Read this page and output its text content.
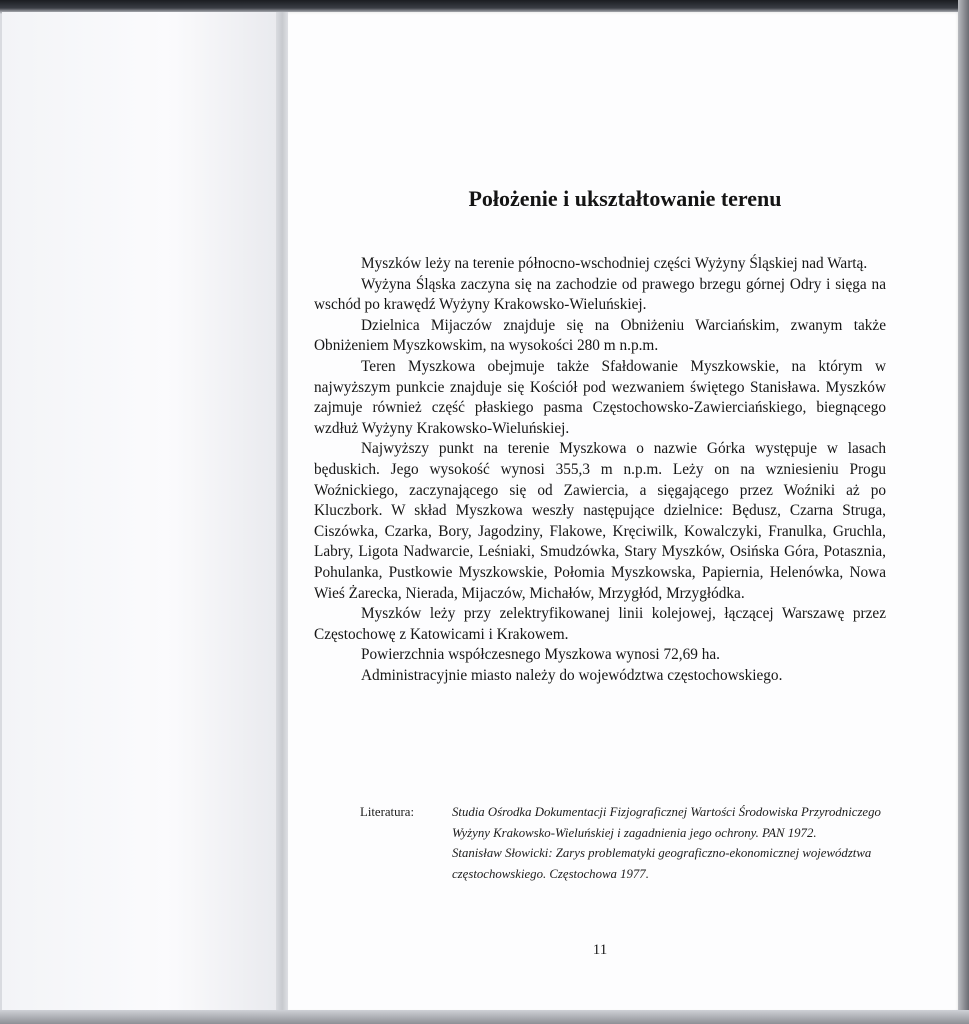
Położenie i ukształtowanie terenu

Myszków leży na terenie północno-wschodniej części Wyżyny Śląskiej nad Wartą.

Wyżyna Śląska zaczyna się na zachodzie od prawego brzegu górnej Odry i sięga na wschód po krawędź Wyżyny Krakowsko-Wieluńskiej.

Dzielnica Mijaczów znajduje się na Obniżeniu Warciańskim, zwanym także Obniżeniem Myszkowskim, na wysokości 280 m n.p.m.

Teren Myszkowa obejmuje także Sfałdowanie Myszkowskie, na którym w najwyższym punkcie znajduje się Kościół pod wezwaniem świętego Stanisława. Myszków zajmuje również część płaskiego pasma Częstochowsko-Zawierciańskiego, biegnącego wzdłuż Wyżyny Krakowsko-Wieluńskiej.

Najwyższy punkt na terenie Myszkowa o nazwie Górka występuje w lasach będuskich. Jego wysokość wynosi 355,3 m n.p.m. Leży on na wzniesieniu Progu Woźnickiego, zaczynającego się od Zawiercia, a sięgającego przez Woźniki aż po Kluczbork. W skład Myszkowa weszły następujące dzielnice: Będusz, Czarna Struga, Ciszówka, Czarka, Bory, Jagodziny, Flakowe, Kręciwilk, Kowalczyki, Franulka, Gruchla, Labry, Ligota Nadwarcie, Leśniaki, Smudzówka, Stary Myszków, Osińska Góra, Potasznia, Pohulanka, Pustkowie Myszkowskie, Połomia Myszkowska, Papiernia, Helenówka, Nowa Wieś Żarecka, Nierada, Mijaczów, Michałów, Mrzygłód, Mrzygłódka.

Myszków leży przy zelektryfikowanej linii kolejowej, łączącej Warszawę przez Częstochowę z Katowicami i Krakowem.

Powierzchnia współczesnego Myszkowa wynosi 72,69 ha.

Administracyjnie miasto należy do województwa częstochowskiego.

Literatura:	Studia Ośrodka Dokumentacji Fizjograficznej Wartości Środowiska Przyrodniczego Wyżyny Krakowsko-Wieluńskiej i zagadnienia jego ochrony. PAN 1972.
Stanisław Słowicki: Zarys problematyki geograficzno-ekonomicznej województwa częstochowskiego. Częstochowa 1977.
11
